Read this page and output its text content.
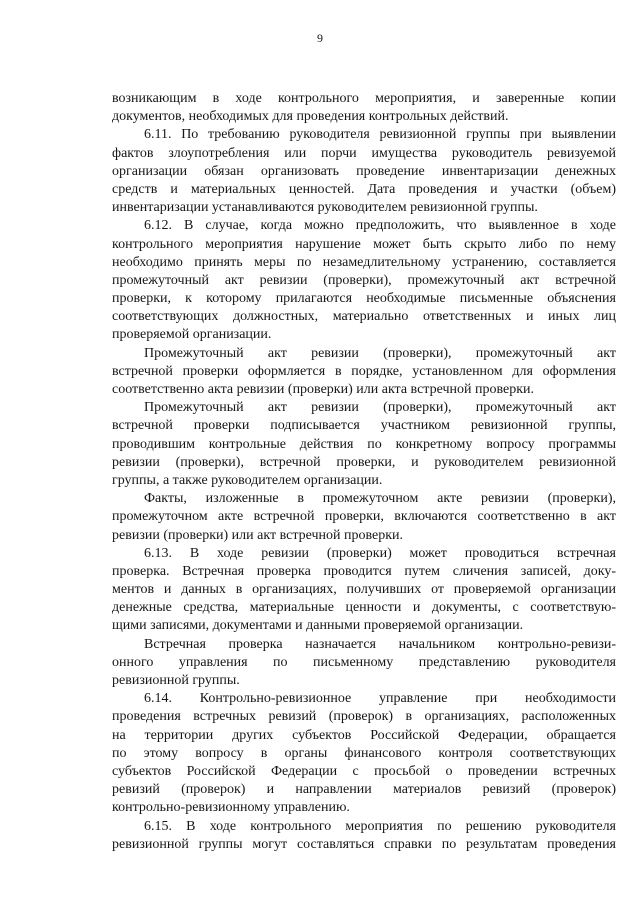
9
возникающим в ходе контрольного мероприятия, и заверенные копии
документов, необходимых для проведения контрольных действий.
6.11. По требованию руководителя ревизионной группы при выявлении
фактов злоупотребления или порчи имущества руководитель ревизуемой
организации обязан организовать проведение инвентаризации денежных
средств и материальных ценностей. Дата проведения и участки (объем)
инвентаризации устанавливаются руководителем ревизионной группы.
6.12. В случае, когда можно предположить, что выявленное в ходе
контрольного мероприятия нарушение может быть скрыто либо по нему
необходимо принять меры по незамедлительному устранению, составляется
промежуточный акт ревизии (проверки), промежуточный акт встречной
проверки, к которому прилагаются необходимые письменные объяснения
соответствующих должностных, материально ответственных и иных лиц
проверяемой организации.
Промежуточный акт ревизии (проверки), промежуточный акт
встречной проверки оформляется в порядке, установленном для оформления
соответственно акта ревизии (проверки) или акта встречной проверки.
Промежуточный акт ревизии (проверки), промежуточный акт
встречной проверки подписывается участником ревизионной группы,
проводившим контрольные действия по конкретному вопросу программы
ревизии (проверки), встречной проверки, и руководителем ревизионной
группы, а также руководителем организации.
Факты, изложенные в промежуточном акте ревизии (проверки),
промежуточном акте встречной проверки, включаются соответственно в акт
ревизии (проверки) или акт встречной проверки.
6.13. В ходе ревизии (проверки) может проводиться встречная
проверка. Встречная проверка проводится путем сличения записей, доку-
ментов и данных в организациях, получивших от проверяемой организации
денежные средства, материальные ценности и документы, с соответствую-
щими записями, документами и данными проверяемой организации.
Встречная проверка назначается начальником контрольно-ревизи-
онного управления по письменному представлению руководителя
ревизионной группы.
6.14. Контрольно-ревизионное управление при необходимости
проведения встречных ревизий (проверок) в организациях, расположенных
на территории других субъектов Российской Федерации, обращается
по этому вопросу в органы финансового контроля соответствующих
субъектов Российской Федерации с просьбой о проведении встречных
ревизий (проверок) и направлении материалов ревизий (проверок)
контрольно-ревизионному управлению.
6.15. В ходе контрольного мероприятия по решению руководителя
ревизионной группы могут составляться справки по результатам проведения
